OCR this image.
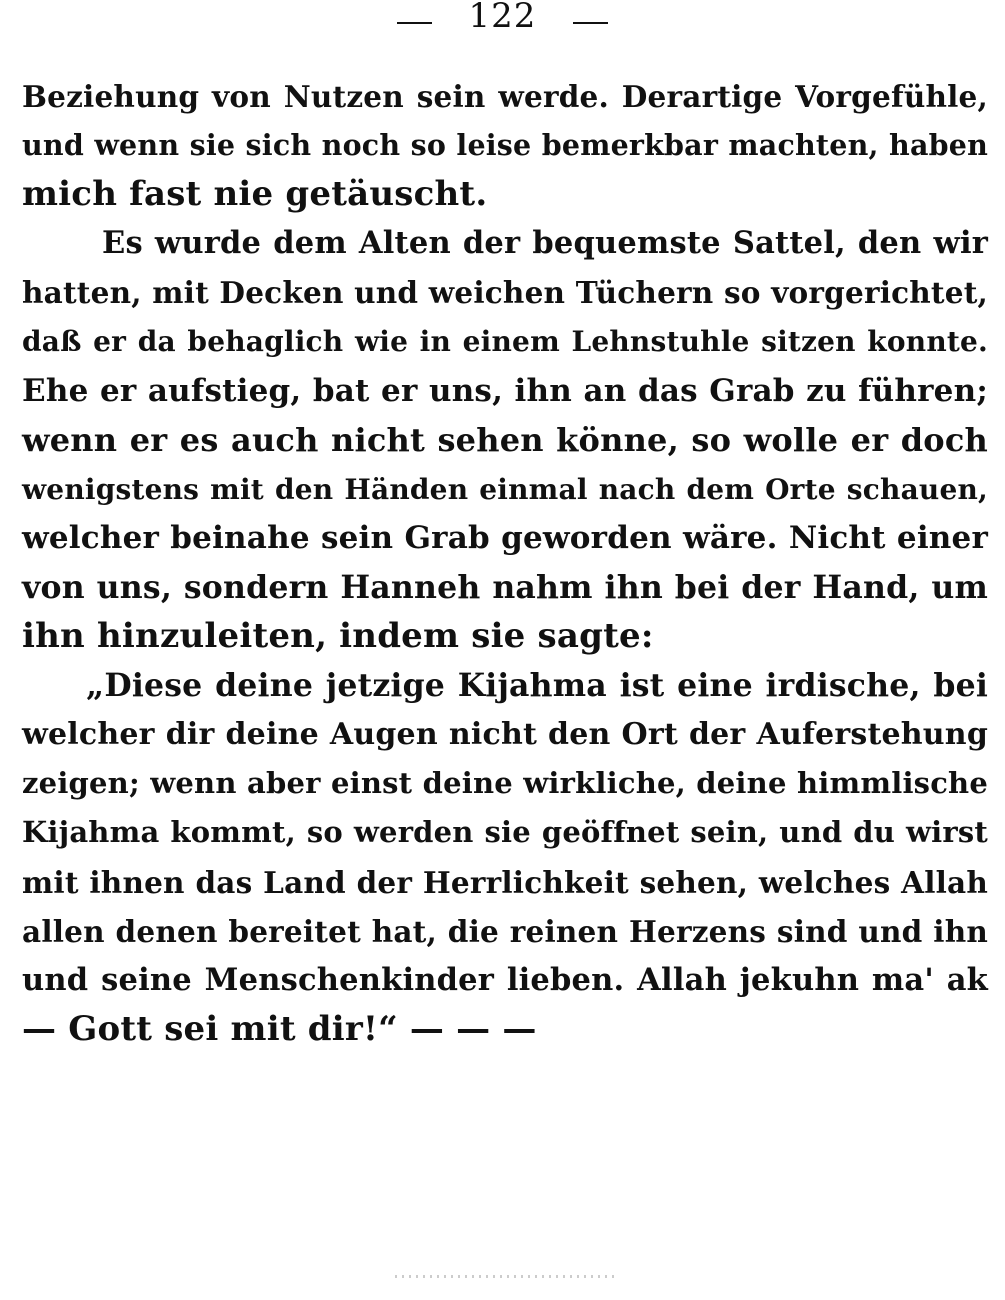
122
Beziehung von Nutzen sein werde. Derartige Vorgefühle,
und wenn sie sich noch so leise bemerkbar machten, haben
mich fast nie getäuscht.
Es wurde dem Alten der bequemste Sattel, den wir
hatten, mit Decken und weichen Tüchern so vorgerichtet,
daß er da behaglich wie in einem Lehnstuhle sitzen konnte.
Ehe er aufstieg, bat er uns, ihn an das Grab zu führen;
wenn er es auch nicht sehen könne, so wolle er doch
wenigstens mit den Händen einmal nach dem Orte schauen,
welcher beinahe sein Grab geworden wäre. Nicht einer
von uns, sondern Hanneh nahm ihn bei der Hand, um
ihn hinzuleiten, indem sie sagte:
„Diese deine jetzige Kijahma ist eine irdische, bei
welcher dir deine Augen nicht den Ort der Auferstehung
zeigen; wenn aber einst deine wirkliche, deine himmlische
Kijahma kommt, so werden sie geöffnet sein, und du wirst
mit ihnen das Land der Herrlichkeit sehen, welches Allah
allen denen bereitet hat, die reinen Herzens sind und ihn
und seine Menschenkinder lieben. Allah jekuhn ma' ak
— Gott sei mit dir!“ — — —
